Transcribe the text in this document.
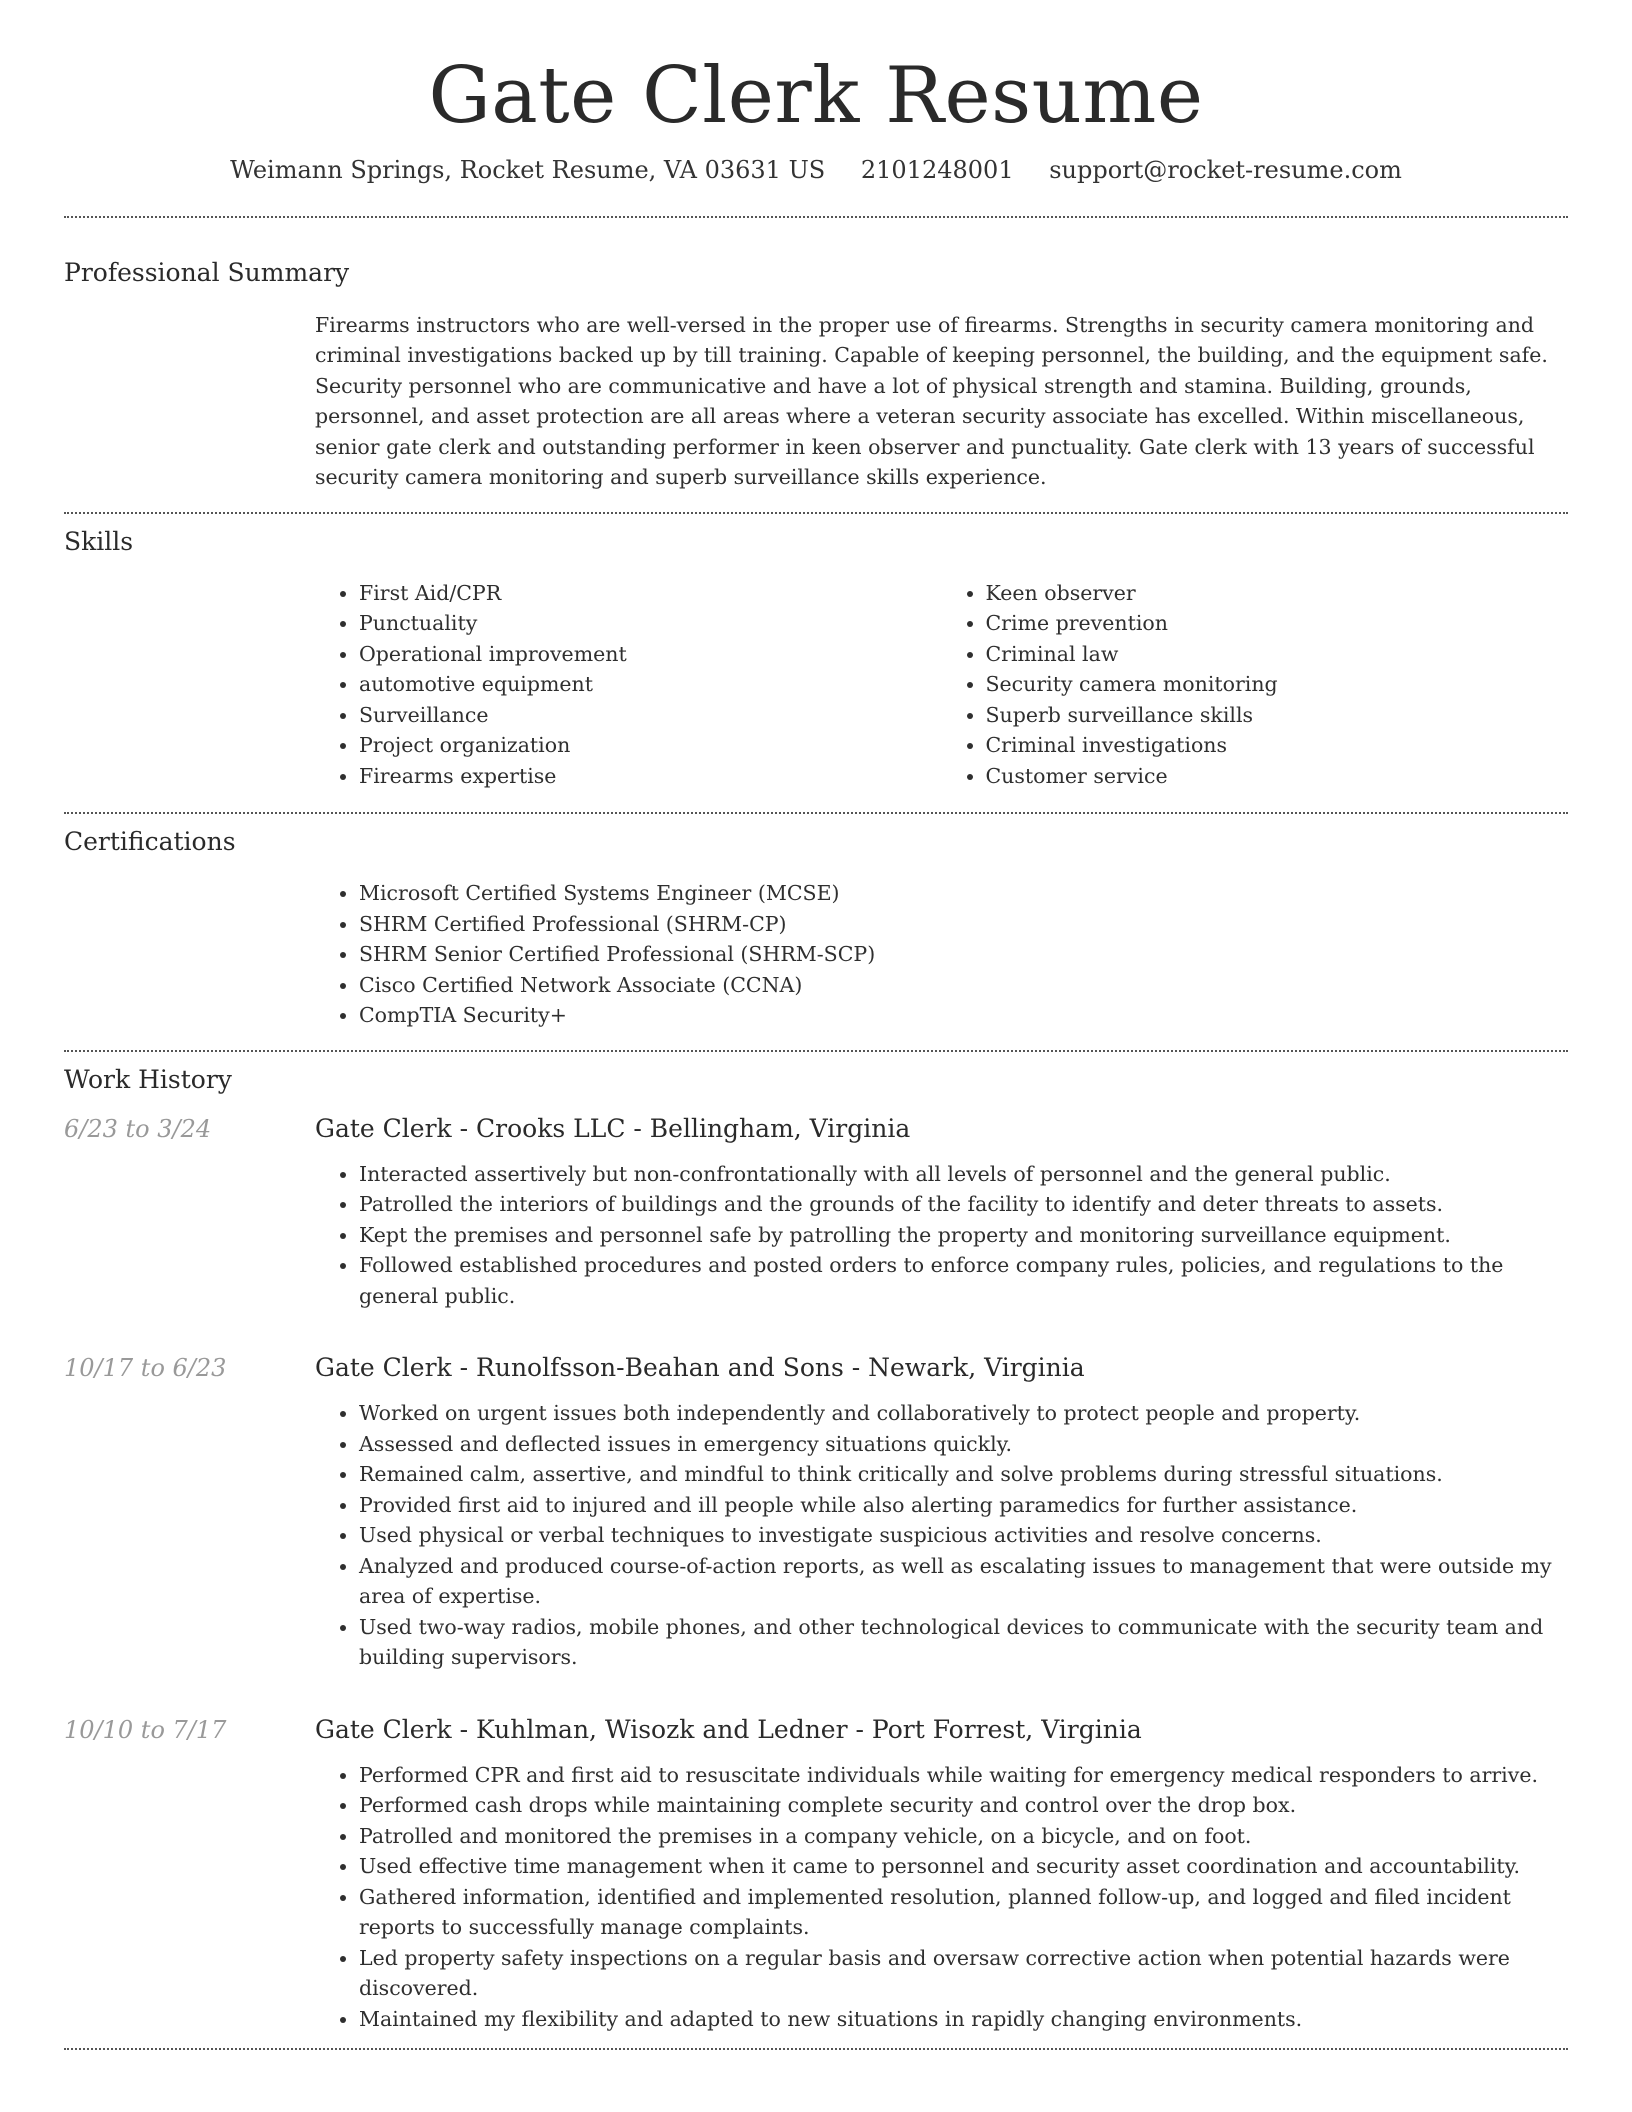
Gate Clerk Resume
Weimann Springs, Rocket Resume, VA 03631 US 2101248001 support@rocket-resume.com
Professional Summary
Firearms instructors who are well-versed in the proper use of firearms. Strengths in security camera monitoring and criminal investigations backed up by till training. Capable of keeping personnel, the building, and the equipment safe. Security personnel who are communicative and have a lot of physical strength and stamina. Building, grounds, personnel, and asset protection are all areas where a veteran security associate has excelled. Within miscellaneous, senior gate clerk and outstanding performer in keen observer and punctuality. Gate clerk with 13 years of successful security camera monitoring and superb surveillance skills experience.
Skills
• First Aid/CPR
• Punctuality
• Operational improvement
• automotive equipment
• Surveillance
• Project organization
• Firearms expertise
• Keen observer
• Crime prevention
• Criminal law
• Security camera monitoring
• Superb surveillance skills
• Criminal investigations
• Customer service
Certifications
• Microsoft Certified Systems Engineer (MCSE)
• SHRM Certified Professional (SHRM-CP)
• SHRM Senior Certified Professional (SHRM-SCP)
• Cisco Certified Network Associate (CCNA)
• CompTIA Security+
Work History
6/23 to 3/24	Gate Clerk - Crooks LLC - Bellingham, Virginia
• Interacted assertively but non-confrontationally with all levels of personnel and the general public.
• Patrolled the interiors of buildings and the grounds of the facility to identify and deter threats to assets.
• Kept the premises and personnel safe by patrolling the property and monitoring surveillance equipment.
• Followed established procedures and posted orders to enforce company rules, policies, and regulations to the general public.
10/17 to 6/23	Gate Clerk - Runolfsson-Beahan and Sons - Newark, Virginia
• Worked on urgent issues both independently and collaboratively to protect people and property.
• Assessed and deflected issues in emergency situations quickly.
• Remained calm, assertive, and mindful to think critically and solve problems during stressful situations.
• Provided first aid to injured and ill people while also alerting paramedics for further assistance.
• Used physical or verbal techniques to investigate suspicious activities and resolve concerns.
• Analyzed and produced course-of-action reports, as well as escalating issues to management that were outside my area of expertise.
• Used two-way radios, mobile phones, and other technological devices to communicate with the security team and building supervisors.
10/10 to 7/17	Gate Clerk - Kuhlman, Wisozk and Ledner - Port Forrest, Virginia
• Performed CPR and first aid to resuscitate individuals while waiting for emergency medical responders to arrive.
• Performed cash drops while maintaining complete security and control over the drop box.
• Patrolled and monitored the premises in a company vehicle, on a bicycle, and on foot.
• Used effective time management when it came to personnel and security asset coordination and accountability.
• Gathered information, identified and implemented resolution, planned follow-up, and logged and filed incident reports to successfully manage complaints.
• Led property safety inspections on a regular basis and oversaw corrective action when potential hazards were discovered.
• Maintained my flexibility and adapted to new situations in rapidly changing environments.
